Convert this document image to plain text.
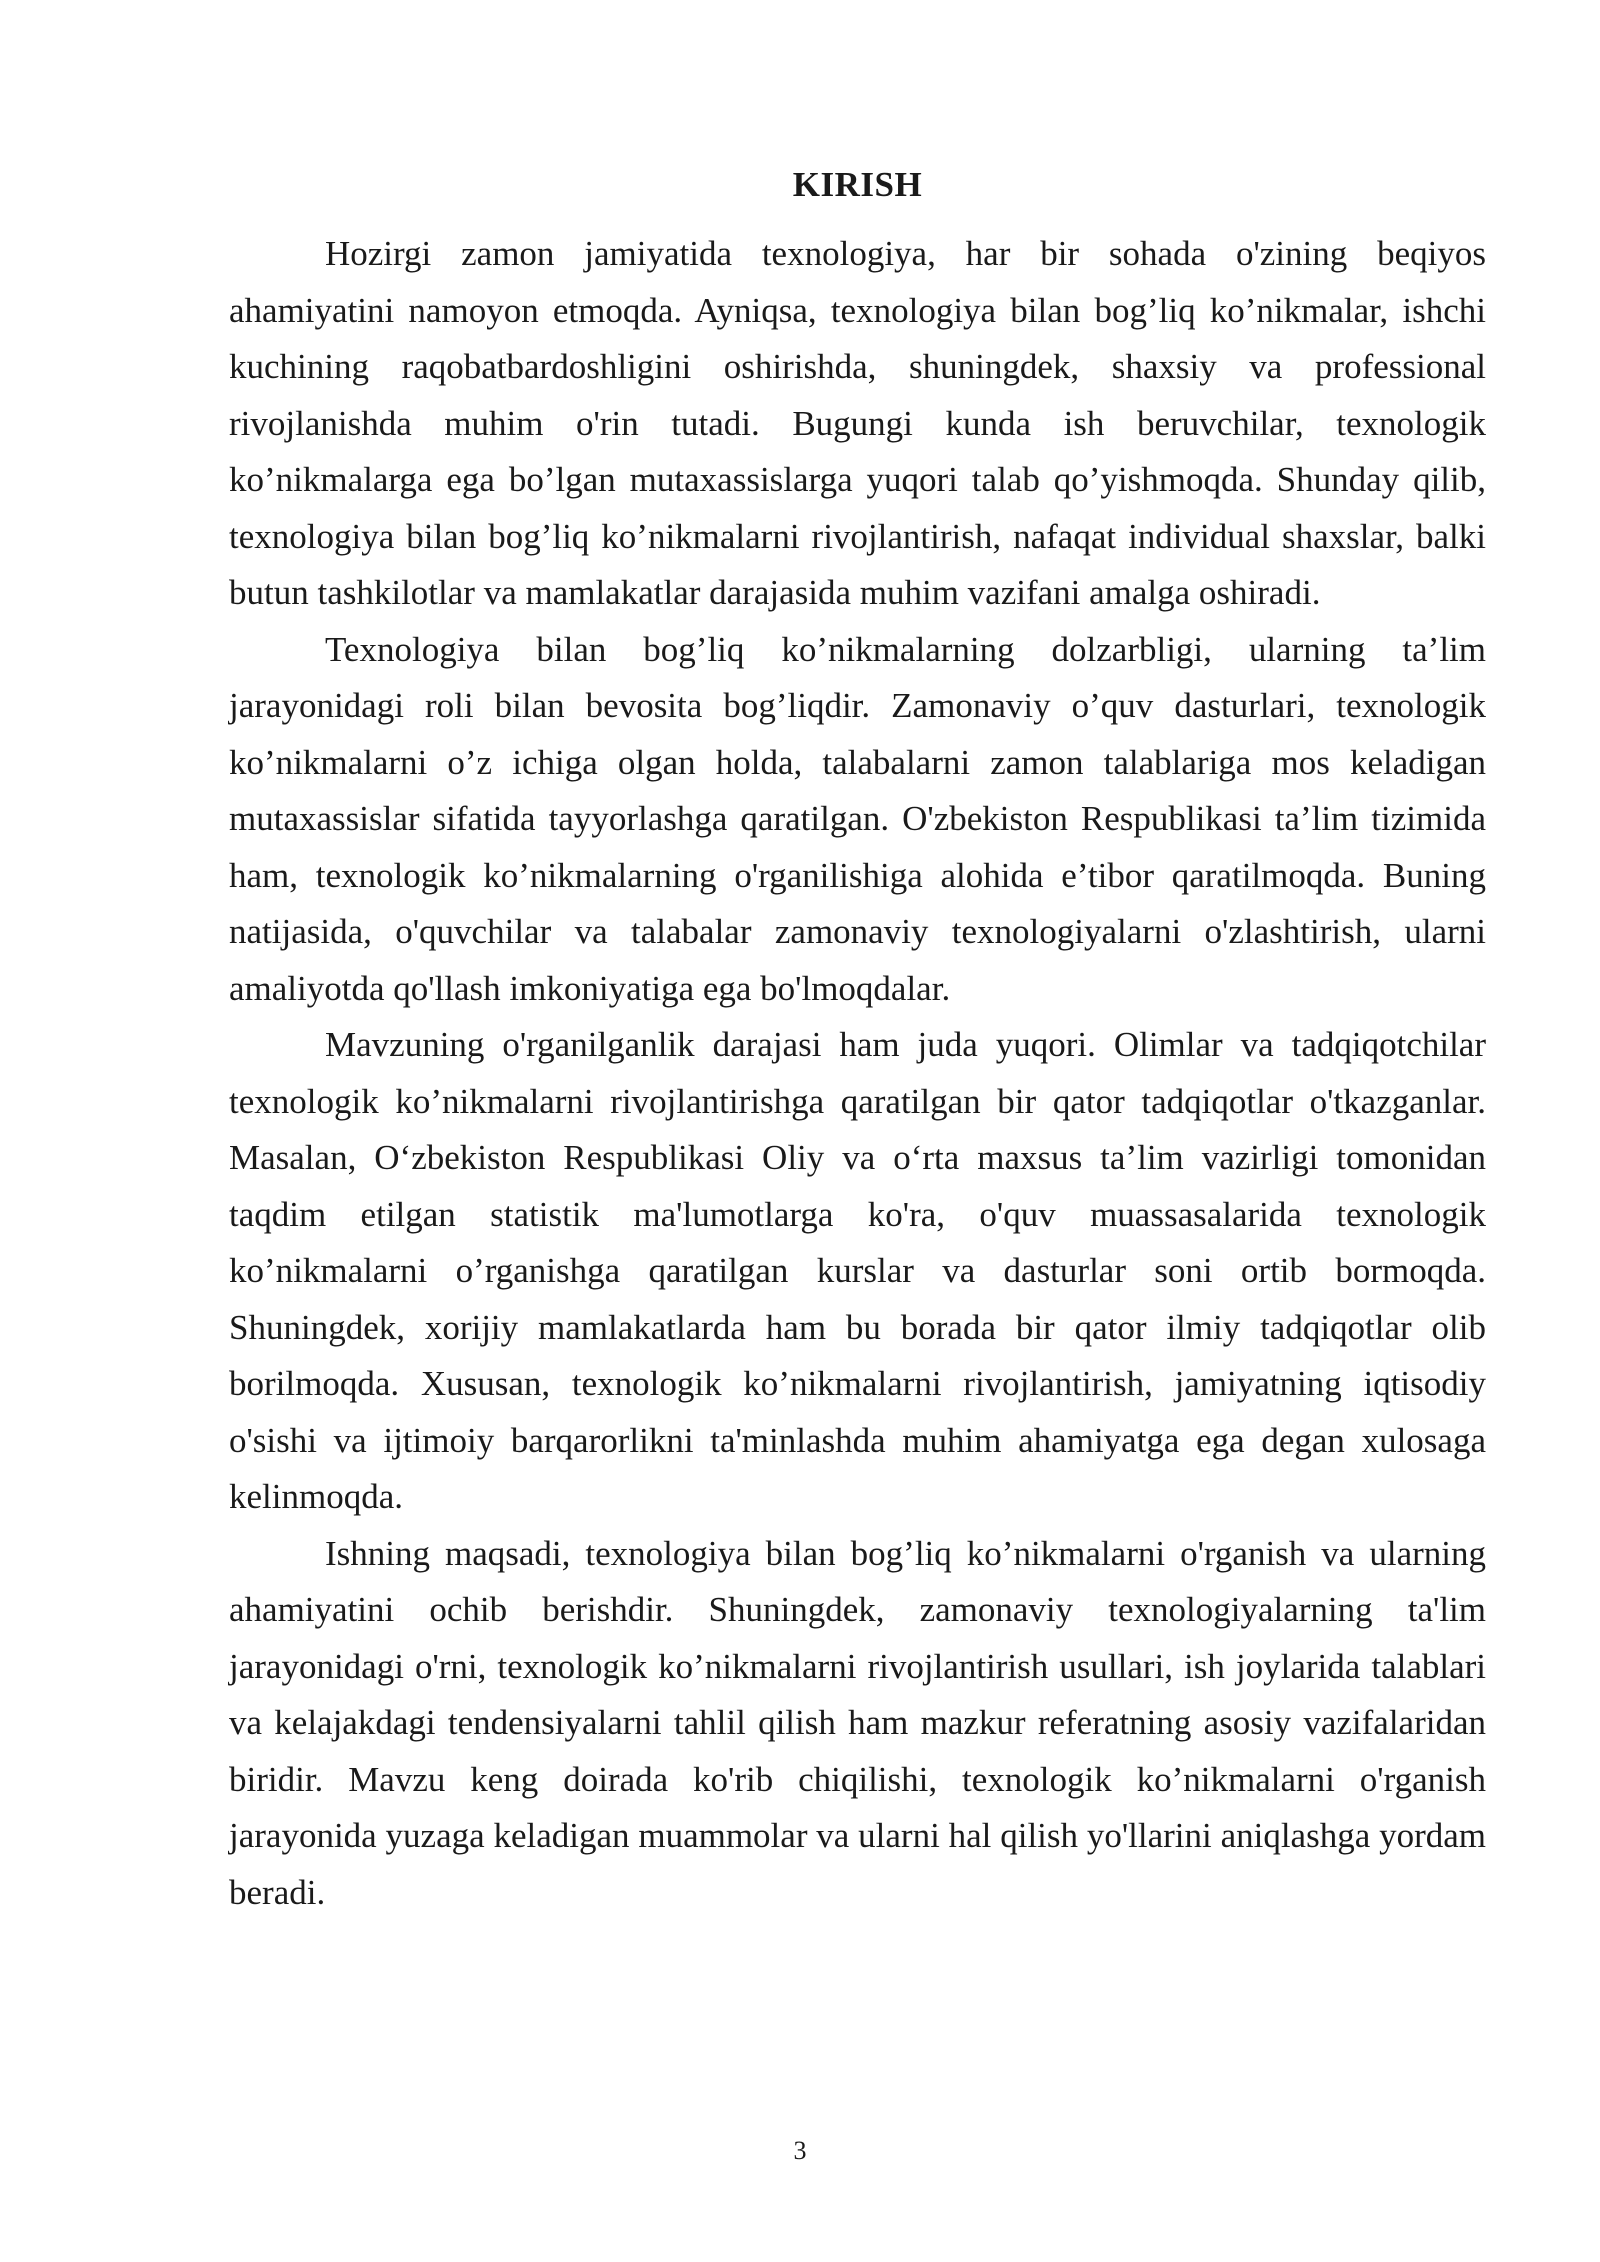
KIRISH

Hozirgi zamon jamiyatida texnologiya, har bir sohada o'zining beqiyos ahamiyatini namoyon etmoqda. Ayniqsa, texnologiya bilan bog’liq ko’nikmalar, ishchi kuchining raqobatbardoshligini oshirishda, shuningdek, shaxsiy va professional rivojlanishda muhim o'rin tutadi. Bugungi kunda ish beruvchilar, texnologik ko’nikmalarga ega bo’lgan mutaxassislarga yuqori talab qo’yishmoqda. Shunday qilib, texnologiya bilan bog’liq ko’nikmalarni rivojlantirish, nafaqat individual shaxslar, balki butun tashkilotlar va mamlakatlar darajasida muhim vazifani amalga oshiradi.

Texnologiya bilan bog’liq ko’nikmalarning dolzarbligi, ularning ta’lim jarayonidagi roli bilan bevosita bog’liqdir. Zamonaviy o’quv dasturlari, texnologik ko’nikmalarni o’z ichiga olgan holda, talabalarni zamon talablariga mos keladigan mutaxassislar sifatida tayyorlashga qaratilgan. O'zbekiston Respublikasi ta’lim tizimida ham, texnologik ko’nikmalarning o'rganilishiga alohida e’tibor qaratilmoqda. Buning natijasida, o'quvchilar va talabalar zamonaviy texnologiyalarni o'zlashtirish, ularni amaliyotda qo'llash imkoniyatiga ega bo'lmoqdalar.

Mavzuning o'rganilganlik darajasi ham juda yuqori. Olimlar va tadqiqotchilar texnologik ko’nikmalarni rivojlantirishga qaratilgan bir qator tadqiqotlar o'tkazganlar. Masalan, O‘zbekiston Respublikasi Oliy va o‘rta maxsus ta’lim vazirligi tomonidan taqdim etilgan statistik ma'lumotlarga ko'ra, o'quv muassasalarida texnologik ko’nikmalarni o’rganishga qaratilgan kurslar va dasturlar soni ortib bormoqda. Shuningdek, xorijiy mamlakatlarda ham bu borada bir qator ilmiy tadqiqotlar olib borilmoqda. Xususan, texnologik ko’nikmalarni rivojlantirish, jamiyatning iqtisodiy o'sishi va ijtimoiy barqarorlikni ta'minlashda muhim ahamiyatga ega degan xulosaga kelinmoqda.

Ishning maqsadi, texnologiya bilan bog’liq ko’nikmalarni o'rganish va ularning ahamiyatini ochib berishdir. Shuningdek, zamonaviy texnologiyalarning ta'lim jarayonidagi o'rni, texnologik ko’nikmalarni rivojlantirish usullari, ish joylarida talablari va kelajakdagi tendensiyalarni tahlil qilish ham mazkur referatning asosiy vazifalaridan biridir. Mavzu keng doirada ko'rib chiqilishi, texnologik ko’nikmalarni o'rganish jarayonida yuzaga keladigan muammolar va ularni hal qilish yo'llarini aniqlashga yordam beradi.

3
